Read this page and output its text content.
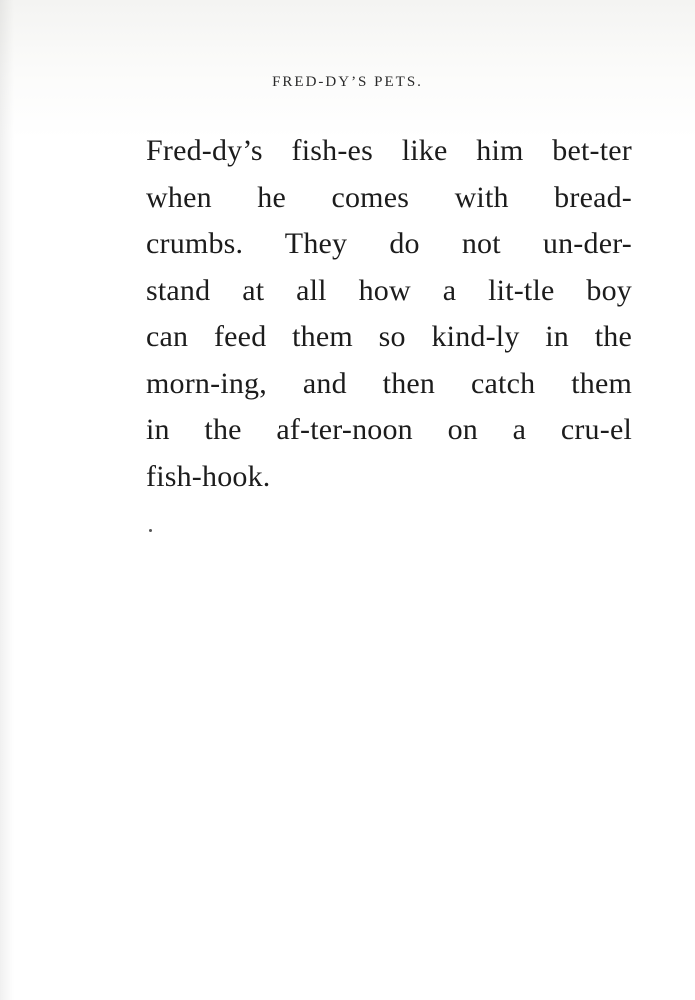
FRED-DY’S PETS.
Fred-dy’s fish-es like him bet-ter
when he comes with bread-
crumbs. They do not un-der-
stand at all how a lit-tle boy
can feed them so kind-ly in the
morn-ing, and then catch them
in the af-ter-noon on a cru-el
fish-hook.
